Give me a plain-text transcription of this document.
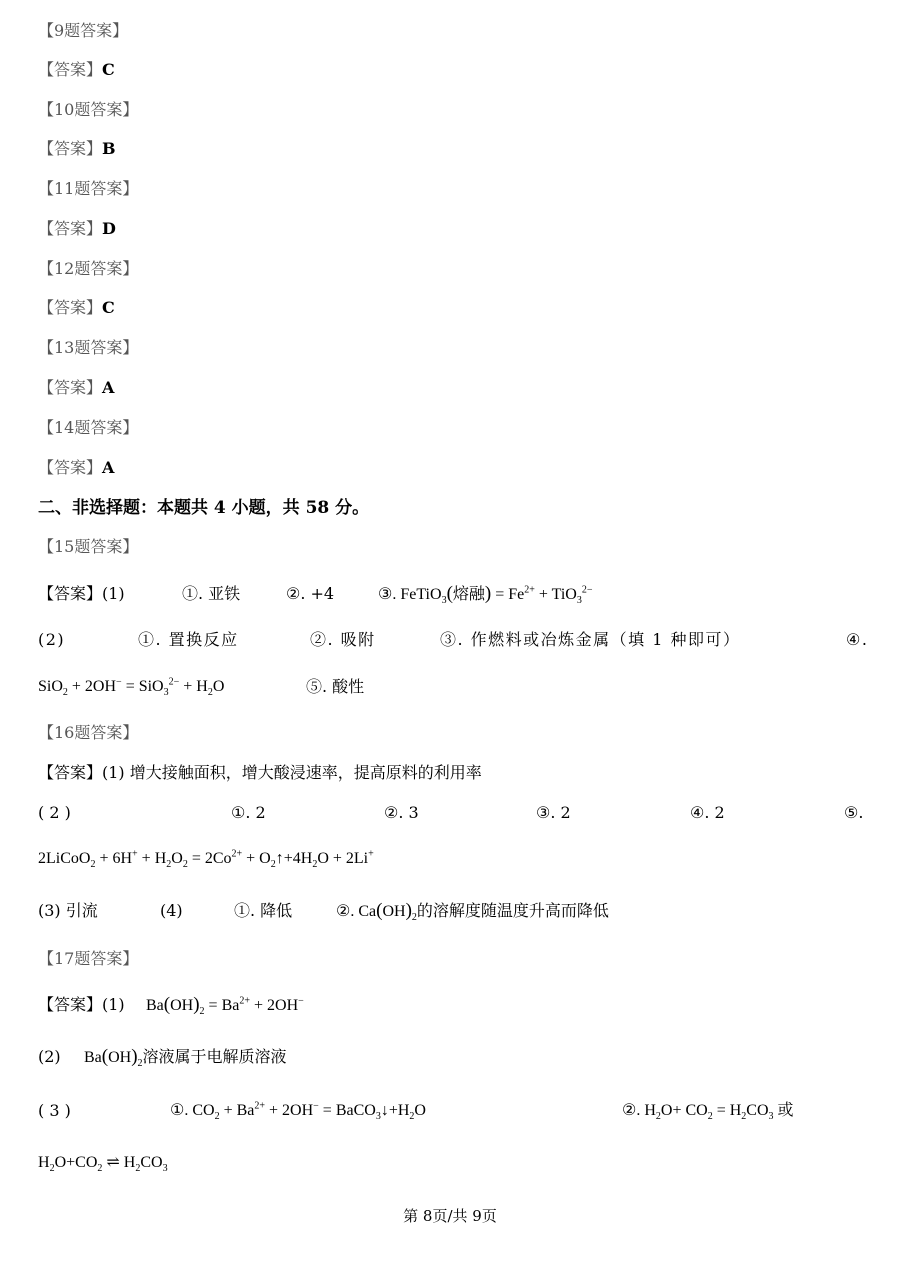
【9题答案】
【答案】C
【10题答案】
【答案】B
【11题答案】
【答案】D
【12题答案】
【答案】C
【13题答案】
【答案】A
【14题答案】
【答案】A
二、非选择题：本题共 4 小题，共 58 分。
【15题答案】
【答案】(1)	①. 亚铁	②. +4	③. FeTiO$_3$(熔融) = $Fe^{2+} + TiO_3^{2-}$
(2)	①. 置换反应	②. 吸附	③. 作燃料或冶炼金属（填 1 种即可）	④.
$SiO_2 + 2OH^- = SiO_3^{2-} + H_2O$	⑤. 酸性
【16题答案】
【答案】(1) 增大接触面积，增大酸浸速率，提高原料的利用率
( 2 )	①. 2	②. 3	③. 2	④. 2	⑤.
2LiCoO$_2$ + $6H^+ + H_2O_2 = 2Co^{2+}$ + $O_2↑+4H_2O + 2Li^+$
(3) 引流	(4)	①. 降低	②. $Ca(OH)_2$的溶解度随温度升高而降低
【17题答案】
【答案】(1) $Ba(OH)_2 = Ba^{2+} + 2OH^-$
(2) $Ba(OH)_2$溶液属于电解质溶液
( 3 )	①. $CO_2 + Ba^{2+} + 2OH^-$ = $BaCO_3↓+H_2O$	②. $H_2O+ CO_2 = H_2CO_3$ 或
$H_2O+CO_2$ ⇌ $H_2CO_3$
第 8页/共 9页
